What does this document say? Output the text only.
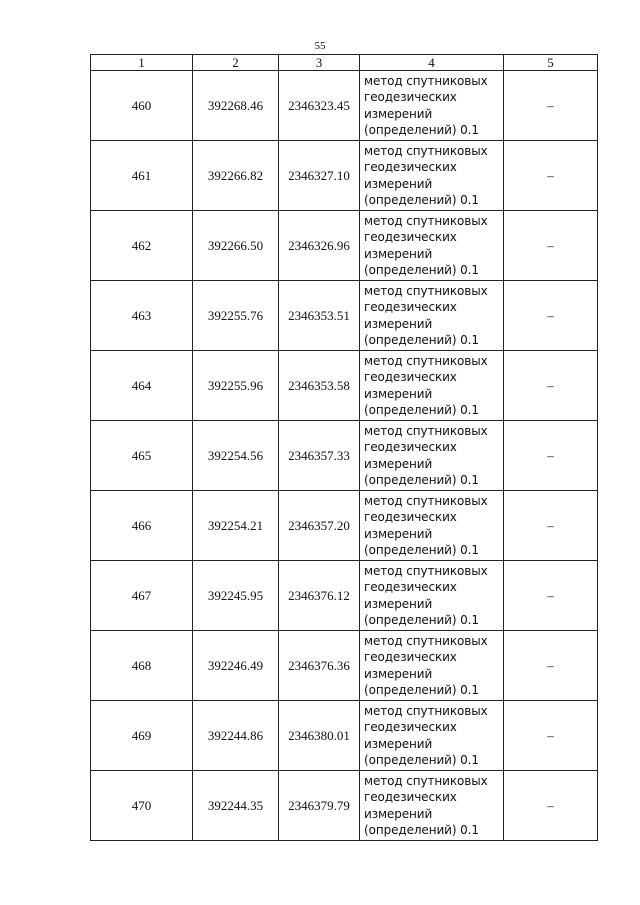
55
1	2	3	4	5
460	392268.46	2346323.45	метод спутниковых
геодезических
измерений
(определений) 0.1	–
461	392266.82	2346327.10	метод спутниковых
геодезических
измерений
(определений) 0.1	–
462	392266.50	2346326.96	метод спутниковых
геодезических
измерений
(определений) 0.1	–
463	392255.76	2346353.51	метод спутниковых
геодезических
измерений
(определений) 0.1	–
464	392255.96	2346353.58	метод спутниковых
геодезических
измерений
(определений) 0.1	–
465	392254.56	2346357.33	метод спутниковых
геодезических
измерений
(определений) 0.1	–
466	392254.21	2346357.20	метод спутниковых
геодезических
измерений
(определений) 0.1	–
467	392245.95	2346376.12	метод спутниковых
геодезических
измерений
(определений) 0.1	–
468	392246.49	2346376.36	метод спутниковых
геодезических
измерений
(определений) 0.1	–
469	392244.86	2346380.01	метод спутниковых
геодезических
измерений
(определений) 0.1	–
470	392244.35	2346379.79	метод спутниковых
геодезических
измерений
(определений) 0.1	–
